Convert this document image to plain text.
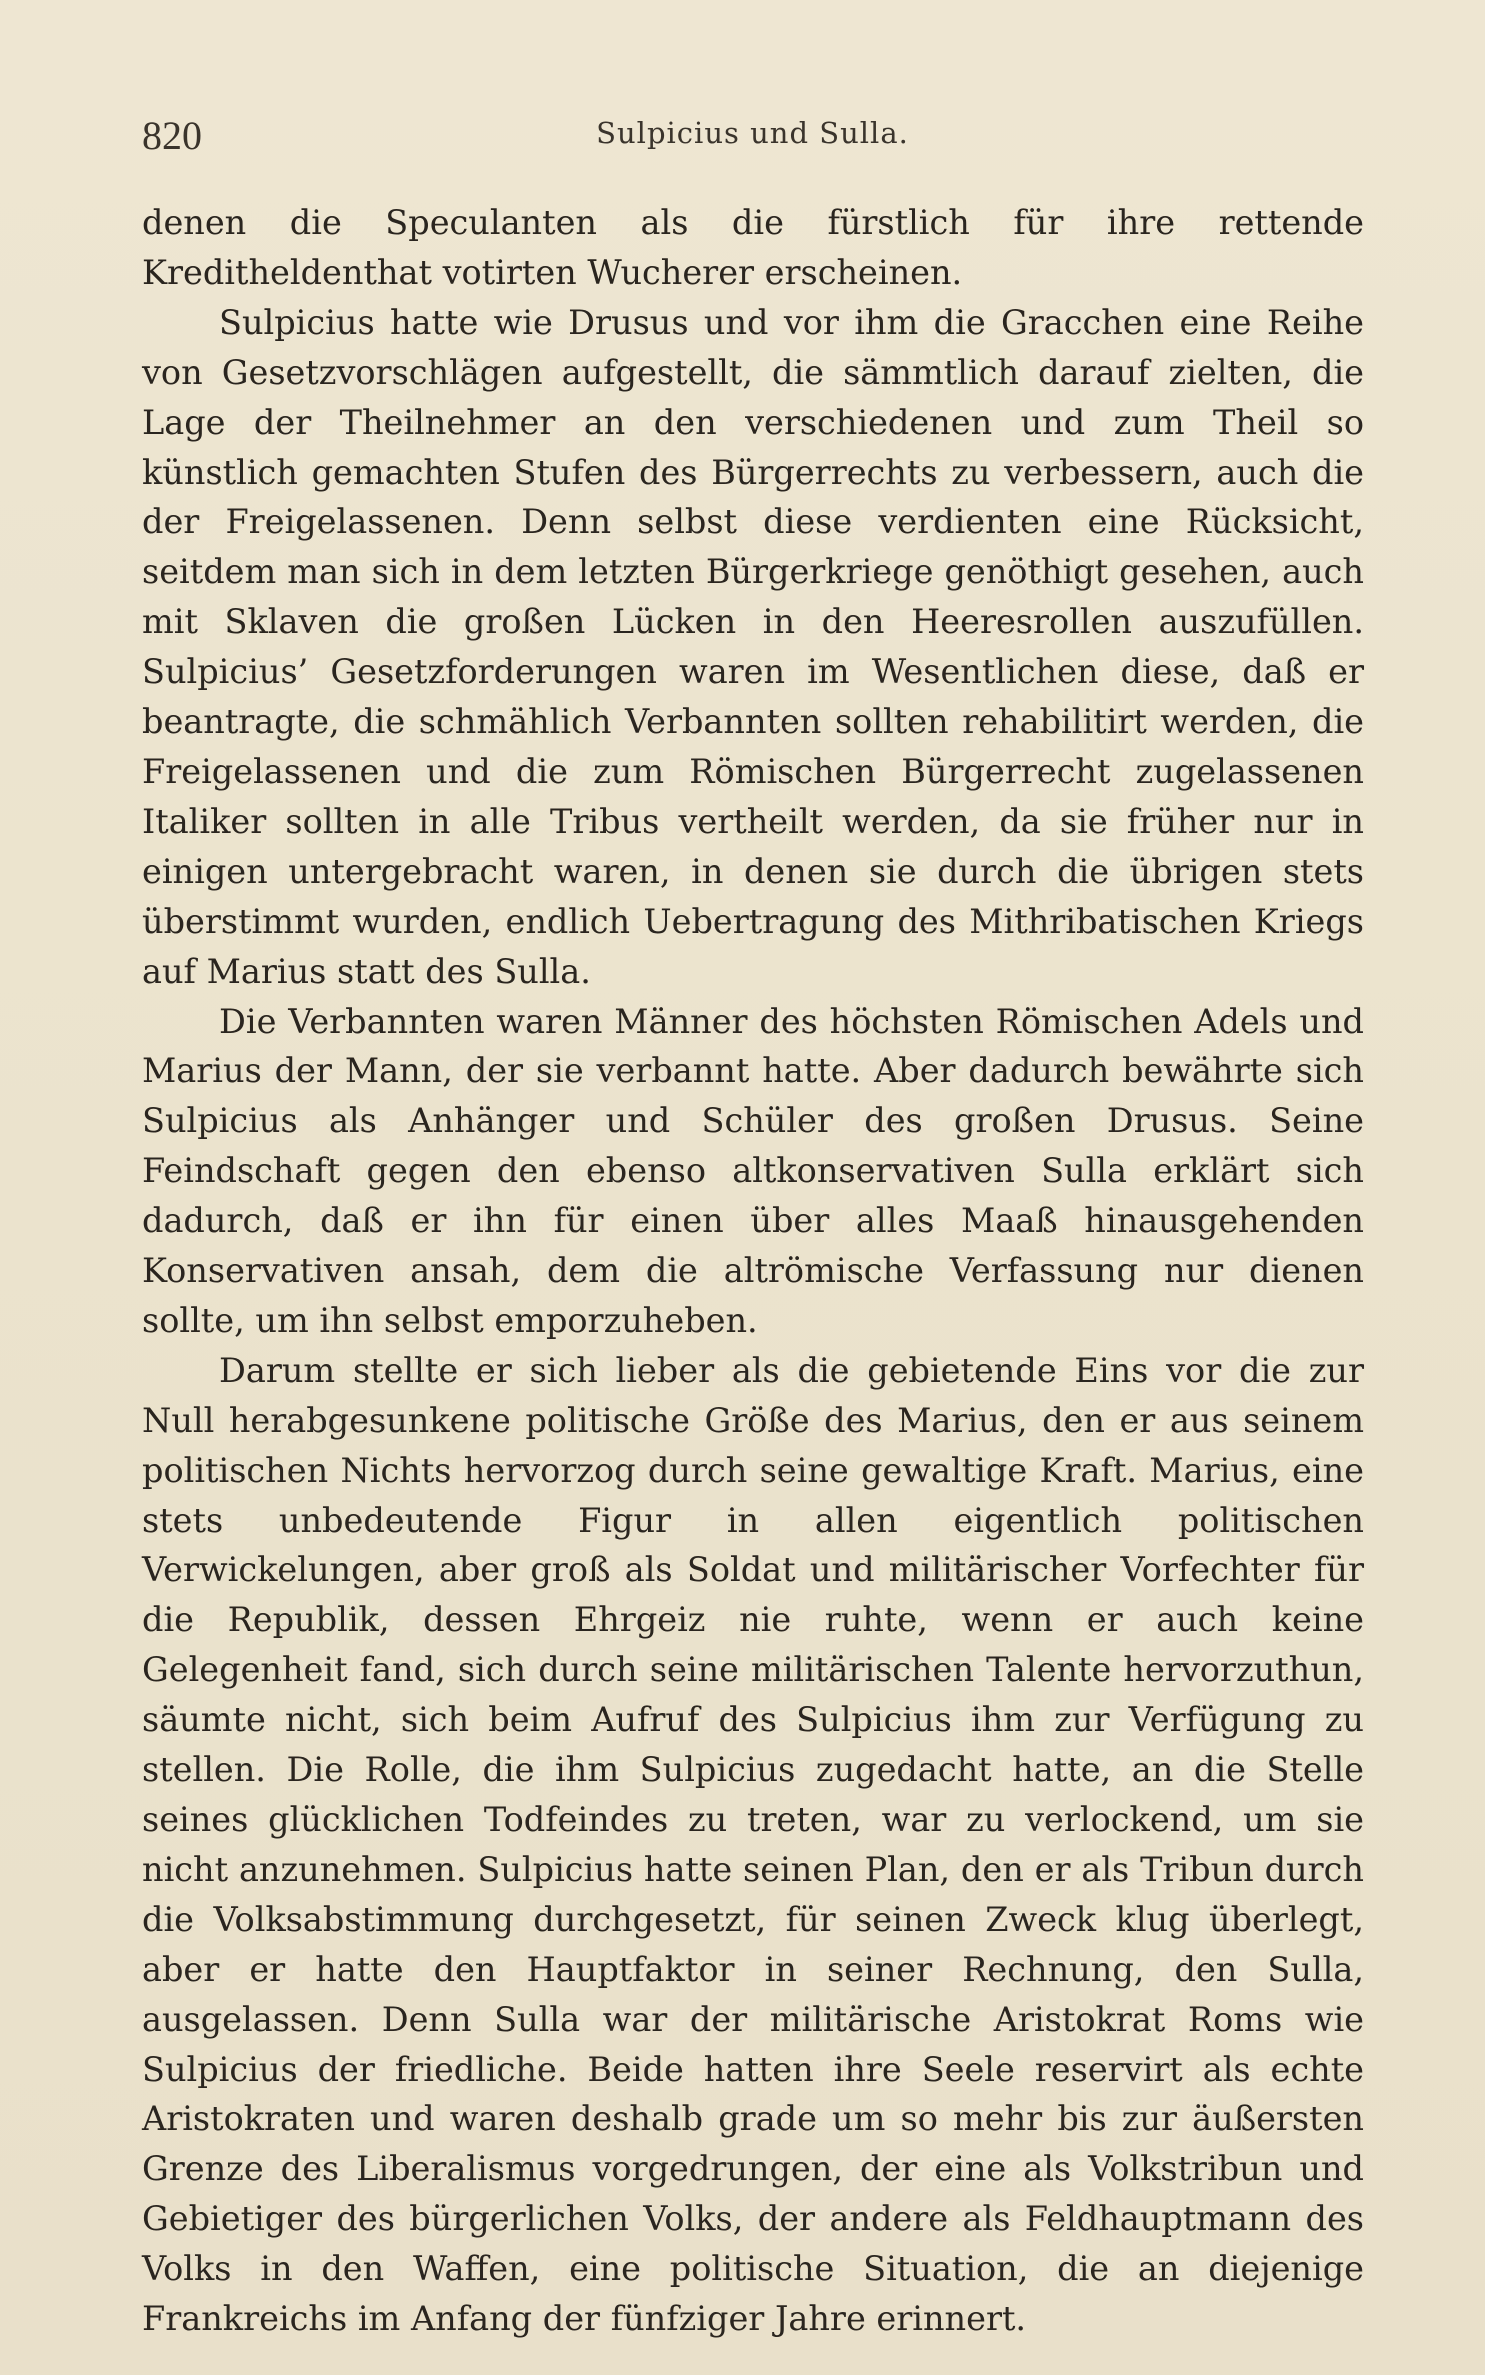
820	Sulpicius und Sulla.

denen die Speculanten als die fürstlich für ihre rettende Kreditheldenthat votirten Wucherer erscheinen.

Sulpicius hatte wie Drusus und vor ihm die Gracchen eine Reihe von Gesetzvorschlägen aufgestellt, die sämmtlich darauf zielten, die Lage der Theilnehmer an den verschiedenen und zum Theil so künstlich gemachten Stufen des Bürgerrechts zu verbessern, auch die der Freigelassenen. Denn selbst diese verdienten eine Rücksicht, seitdem man sich in dem letzten Bürgerkriege genöthigt gesehen, auch mit Sklaven die großen Lücken in den Heeresrollen auszufüllen. Sulpicius’ Gesetzforderungen waren im Wesentlichen diese, daß er beantragte, die schmählich Verbannten sollten rehabilitirt werden, die Freigelassenen und die zum Römischen Bürgerrecht zugelassenen Italiker sollten in alle Tribus vertheilt werden, da sie früher nur in einigen untergebracht waren, in denen sie durch die übrigen stets überstimmt wurden, endlich Uebertragung des Mithribatischen Kriegs auf Marius statt des Sulla.

Die Verbannten waren Männer des höchsten Römischen Adels und Marius der Mann, der sie verbannt hatte. Aber dadurch bewährte sich Sulpicius als Anhänger und Schüler des großen Drusus. Seine Feindschaft gegen den ebenso altkonservativen Sulla erklärt sich dadurch, daß er ihn für einen über alles Maaß hinausgehenden Konservativen ansah, dem die altrömische Verfassung nur dienen sollte, um ihn selbst emporzuheben.

Darum stellte er sich lieber als die gebietende Eins vor die zur Null herabgesunkene politische Größe des Marius, den er aus seinem politischen Nichts hervorzog durch seine gewaltige Kraft. Marius, eine stets unbedeutende Figur in allen eigentlich politischen Verwickelungen, aber groß als Soldat und militärischer Vorfechter für die Republik, dessen Ehrgeiz nie ruhte, wenn er auch keine Gelegenheit fand, sich durch seine militärischen Talente hervorzuthun, säumte nicht, sich beim Aufruf des Sulpicius ihm zur Verfügung zu stellen. Die Rolle, die ihm Sulpicius zugedacht hatte, an die Stelle seines glücklichen Todfeindes zu treten, war zu verlockend, um sie nicht anzunehmen. Sulpicius hatte seinen Plan, den er als Tribun durch die Volksabstimmung durchgesetzt, für seinen Zweck klug überlegt, aber er hatte den Hauptfaktor in seiner Rechnung, den Sulla, ausgelassen. Denn Sulla war der militärische Aristokrat Roms wie Sulpicius der friedliche. Beide hatten ihre Seele reservirt als echte Aristokraten und waren deshalb grade um so mehr bis zur äußersten Grenze des Liberalismus vorgedrungen, der eine als Volkstribun und Gebietiger des bürgerlichen Volks, der andere als Feldhauptmann des Volks in den Waffen, eine politische Situation, die an diejenige Frankreichs im Anfang der fünfziger Jahre erinnert.
